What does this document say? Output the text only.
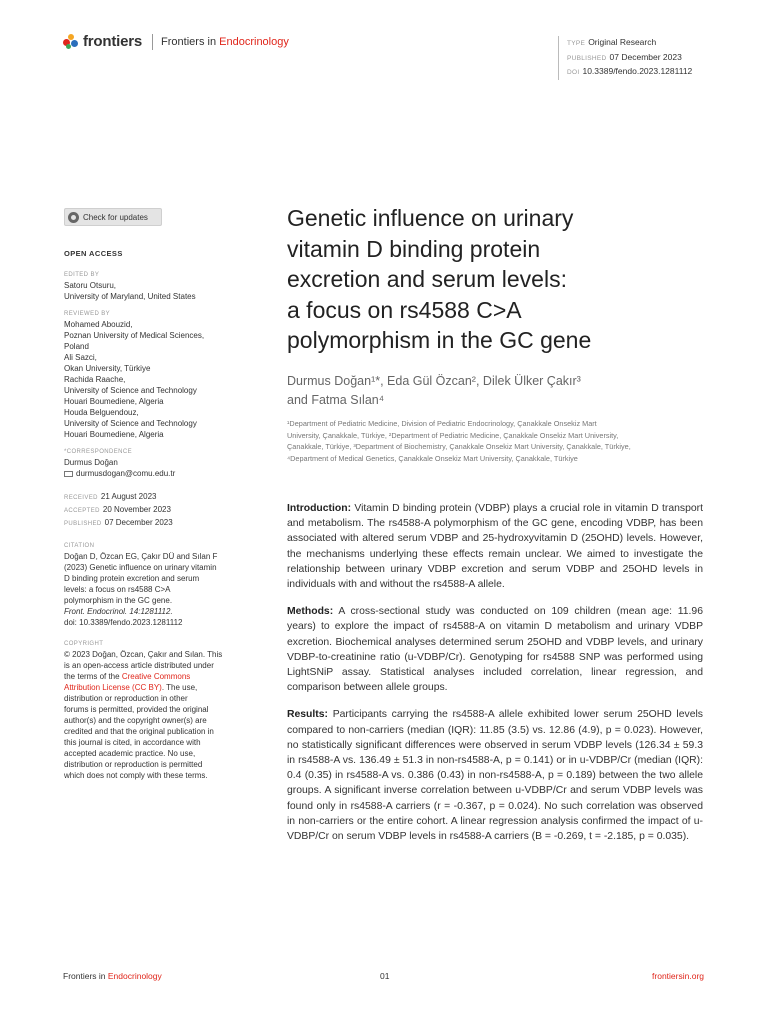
frontiers Frontiers in Endocrinology	TYPE Original Research
PUBLISHED 07 December 2023
DOI 10.3389/fendo.2023.1281112
Check for updates
OPEN ACCESS
EDITED BY
Satoru Otsuru,
University of Maryland, United States
REVIEWED BY
Mohamed Abouzid,
Poznan University of Medical Sciences,
Poland
Ali Sazci,
Okan University, Türkiye
Rachida Raache,
University of Science and Technology
Houari Boumediene, Algeria
Houda Belguendouz,
University of Science and Technology
Houari Boumediene, Algeria
*CORRESPONDENCE
Durmus Doğan
durmusdogan@comu.edu.tr
RECEIVED 21 August 2023
ACCEPTED 20 November 2023
PUBLISHED 07 December 2023
CITATION
Doğan D, Özcan EG, Çakır DÜ and Sılan F
(2023) Genetic influence on urinary vitamin
D binding protein excretion and serum
levels: a focus on rs4588 C>A
polymorphism in the GC gene.
Front. Endocrinol. 14:1281112.
doi: 10.3389/fendo.2023.1281112
COPYRIGHT
© 2023 Doğan, Özcan, Çakır and Sılan. This
is an open-access article distributed under
the terms of the Creative Commons
Attribution License (CC BY). The use,
distribution or reproduction in other
forums is permitted, provided the original
author(s) and the copyright owner(s) are
credited and that the original publication in
this journal is cited, in accordance with
accepted academic practice. No use,
distribution or reproduction is permitted
which does not comply with these terms.
Genetic influence on urinary
vitamin D binding protein
excretion and serum levels:
a focus on rs4588 C>A
polymorphism in the GC gene
Durmus Doğan¹*, Eda Gül Özcan², Dilek Ülker Çakır³
and Fatma Sılan⁴
¹Department of Pediatric Medicine, Division of Pediatric Endocrinology, Çanakkale Onsekiz Mart
University, Çanakkale, Türkiye, ²Department of Pediatric Medicine, Çanakkale Onsekiz Mart University,
Çanakkale, Türkiye, ³Department of Biochemistry, Çanakkale Onsekiz Mart University, Çanakkale, Türkiye,
⁴Department of Medical Genetics, Çanakkale Onsekiz Mart University, Çanakkale, Türkiye

Introduction: Vitamin D binding protein (VDBP) plays a crucial role in vitamin D transport and metabolism. The rs4588-A polymorphism of the GC gene, encoding VDBP, has been associated with altered serum VDBP and 25-hydroxyvitamin D (25OHD) levels. However, the mechanisms underlying these effects remain unclear. We aimed to investigate the relationship between urinary VDBP excretion and serum VDBP and 25OHD levels in individuals with and without the rs4588-A allele.

Methods: A cross-sectional study was conducted on 109 children (mean age: 11.96 years) to explore the impact of rs4588-A on vitamin D metabolism and urinary VDBP excretion. Biochemical analyses determined serum 25OHD and VDBP levels, and urinary VDBP-to-creatinine ratio (u-VDBP/Cr). Genotyping for rs4588 SNP was performed using LightSNiP assay. Statistical analyses included correlation, linear regression, and comparison between allele groups.

Results: Participants carrying the rs4588-A allele exhibited lower serum 25OHD levels compared to non-carriers (median (IQR): 11.85 (3.5) vs. 12.86 (4.9), p = 0.023). However, no statistically significant differences were observed in serum VDBP levels (126.34 ± 59.3 in rs4588-A vs. 136.49 ± 51.3 in non-rs4588-A, p = 0.141) or in u-VDBP/Cr (median (IQR): 0.4 (0.35) in rs4588-A vs. 0.386 (0.43) in non-rs4588-A, p = 0.189) between the two allele groups. A significant inverse correlation between u-VDBP/Cr and serum VDBP levels was found only in rs4588-A carriers (r = -0.367, p = 0.024). No such correlation was observed in non-carriers or the entire cohort. A linear regression analysis confirmed the impact of u-VDBP/Cr on serum VDBP levels in rs4588-A carriers (B = -0.269, t = -2.185, p = 0.035).

Frontiers in Endocrinology	01	frontiersin.org
